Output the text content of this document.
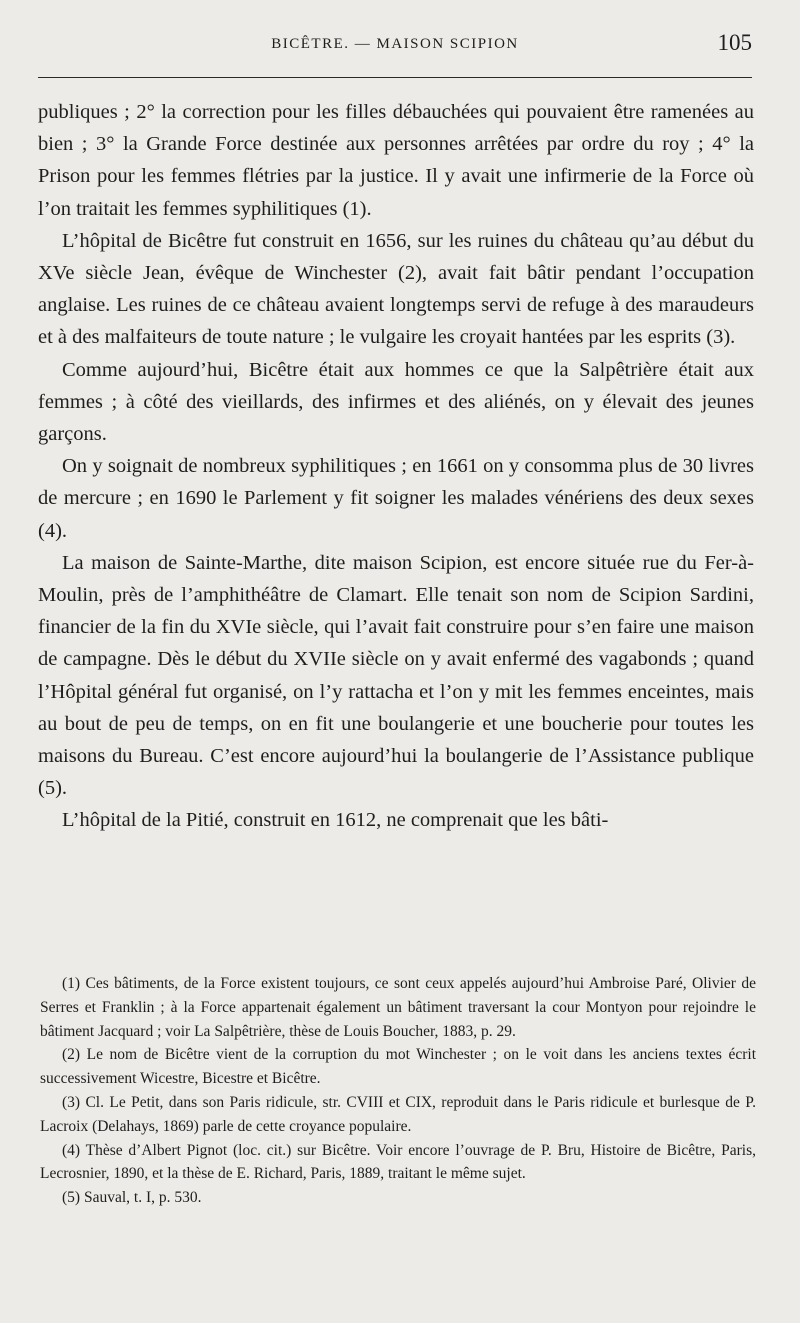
BICÊTRE. — MAISON SCIPION	105

publiques ; 2° la correction pour les filles débauchées qui pouvaient être ramenées au bien ; 3° la Grande Force destinée aux personnes arrêtées par ordre du roy ; 4° la Prison pour les femmes flétries par la justice. Il y avait une infirmerie de la Force où l’on traitait les femmes syphilitiques (1).

L’hôpital de Bicêtre fut construit en 1656, sur les ruines du château qu’au début du XVe siècle Jean, évêque de Winchester (2), avait fait bâtir pendant l’occupation anglaise. Les ruines de ce château avaient longtemps servi de refuge à des maraudeurs et à des malfaiteurs de toute nature ; le vulgaire les croyait hantées par les esprits (3).

Comme aujourd’hui, Bicêtre était aux hommes ce que la Salpêtrière était aux femmes ; à côté des vieillards, des infirmes et des aliénés, on y élevait des jeunes garçons.

On y soignait de nombreux syphilitiques ; en 1661 on y consomma plus de 30 livres de mercure ; en 1690 le Parlement y fit soigner les malades vénériens des deux sexes (4).

La maison de Sainte-Marthe, dite maison Scipion, est encore située rue du Fer-à-Moulin, près de l’amphithéâtre de Clamart. Elle tenait son nom de Scipion Sardini, financier de la fin du XVIe siècle, qui l’avait fait construire pour s’en faire une maison de campagne. Dès le début du XVIIe siècle on y avait enfermé des vagabonds ; quand l’Hôpital général fut organisé, on l’y rattacha et l’on y mit les femmes enceintes, mais au bout de peu de temps, on en fit une boulangerie et une boucherie pour toutes les maisons du Bureau. C’est encore aujourd’hui la boulangerie de l’Assistance publique (5).

L’hôpital de la Pitié, construit en 1612, ne comprenait que les bâti-

(1) Ces bâtiments, de la Force existent toujours, ce sont ceux appelés aujourd’hui Ambroise Paré, Olivier de Serres et Franklin ; à la Force appartenait également un bâtiment traversant la cour Montyon pour rejoindre le bâtiment Jacquard ; voir La Salpêtrière, thèse de Louis Boucher, 1883, p. 29.

(2) Le nom de Bicêtre vient de la corruption du mot Winchester ; on le voit dans les anciens textes écrit successivement Wicestre, Bicestre et Bicêtre.

(3) Cl. Le Petit, dans son Paris ridicule, str. CVIII et CIX, reproduit dans le Paris ridicule et burlesque de P. Lacroix (Delahays, 1869) parle de cette croyance populaire.

(4) Thèse d’Albert Pignot (loc. cit.) sur Bicêtre. Voir encore l’ouvrage de P. Bru, Histoire de Bicêtre, Paris, Lecrosnier, 1890, et la thèse de E. Richard, Paris, 1889, traitant le même sujet.

(5) Sauval, t. I, p. 530.
